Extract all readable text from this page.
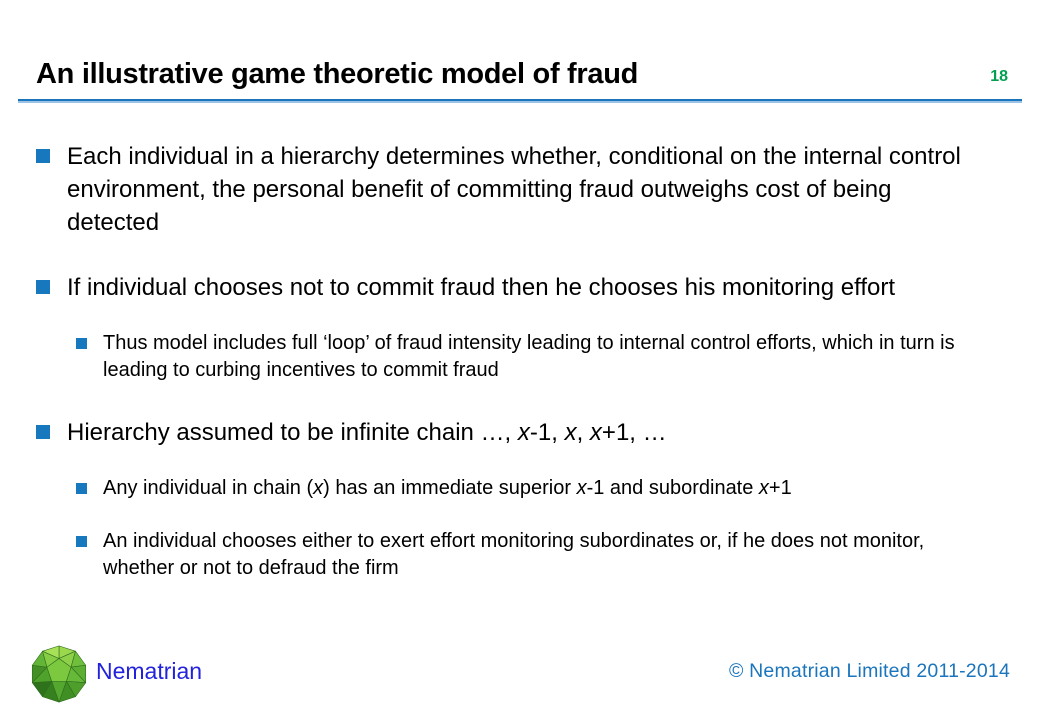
An illustrative game theoretic model of fraud	18
Each individual in a hierarchy determines whether, conditional on the internal control environment, the personal benefit of committing fraud outweighs cost of being detected
If individual chooses not to commit fraud then he chooses his monitoring effort
Thus model includes full ‘loop’ of fraud intensity leading to internal control efforts, which in turn is leading to curbing incentives to commit fraud
Hierarchy assumed to be infinite chain …, x-1, x, x+1, …
Any individual in chain (x) has an immediate superior x-1 and subordinate x+1
An individual chooses either to exert effort monitoring subordinates or, if he does not monitor, whether or not to defraud the firm
Nematrian	© Nematrian Limited 2011-2014
